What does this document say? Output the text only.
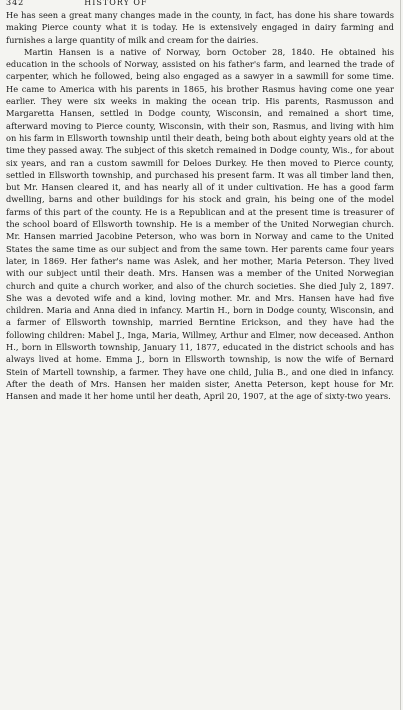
342	HISTORY OF

He has seen a great many changes made in the county, in fact, has done his share towards making Pierce county what it is today. He is extensively engaged in dairy farming and furnishes a large quantity of milk and cream for the dairies.

Martin Hansen is a native of Norway, born October 28, 1840. He obtained his education in the schools of Norway, assisted on his father's farm, and learned the trade of carpenter, which he followed, being also engaged as a sawyer in a sawmill for some time. He came to America with his parents in 1865, his brother Rasmus having come one year earlier. They were six weeks in making the ocean trip. His parents, Rasmusson and Margaretta Hansen, settled in Dodge county, Wisconsin, and remained a short time, afterward moving to Pierce county, Wisconsin, with their son, Rasmus, and living with him on his farm in Ellsworth township until their death, being both about eighty years old at the time they passed away. The subject of this sketch remained in Dodge county, Wis., for about six years, and ran a custom sawmill for Deloes Durkey. He then moved to Pierce county, settled in Ellsworth township, and purchased his present farm. It was all timber land then, but Mr. Hansen cleared it, and has nearly all of it under cultivation. He has a good farm dwelling, barns and other buildings for his stock and grain, his being one of the model farms of this part of the county. He is a Republican and at the present time is treasurer of the school board of Ellsworth township. He is a member of the United Norwegian church. Mr. Hansen married Jacobine Peterson, who was born in Norway and came to the United States the same time as our subject and from the same town. Her parents came four years later, in 1869. Her father's name was Aslek, and her mother, Maria Peterson. They lived with our subject until their death. Mrs. Hansen was a member of the United Norwegian church and quite a church worker, and also of the church societies. She died July 2, 1897. She was a devoted wife and a kind, loving mother. Mr. and Mrs. Hansen have had five children. Maria and Anna died in infancy. Martin H., born in Dodge county, Wisconsin, and a farmer of Ellsworth township, married Berntine Erickson, and they have had the following children: Mabel J., Inga, Maria, Willmey, Arthur and Elmer, now deceased. Anthon H., born in Ellsworth township, January 11, 1877, educated in the district schools and has always lived at home. Emma J., born in Ellsworth township, is now the wife of Bernard Stein of Martell township, a farmer. They have one child, Julia B., and one died in infancy. After the death of Mrs. Hansen her maiden sister, Anetta Peterson, kept house for Mr. Hansen and made it her home until her death, April 20, 1907, at the age of sixty-two years.
